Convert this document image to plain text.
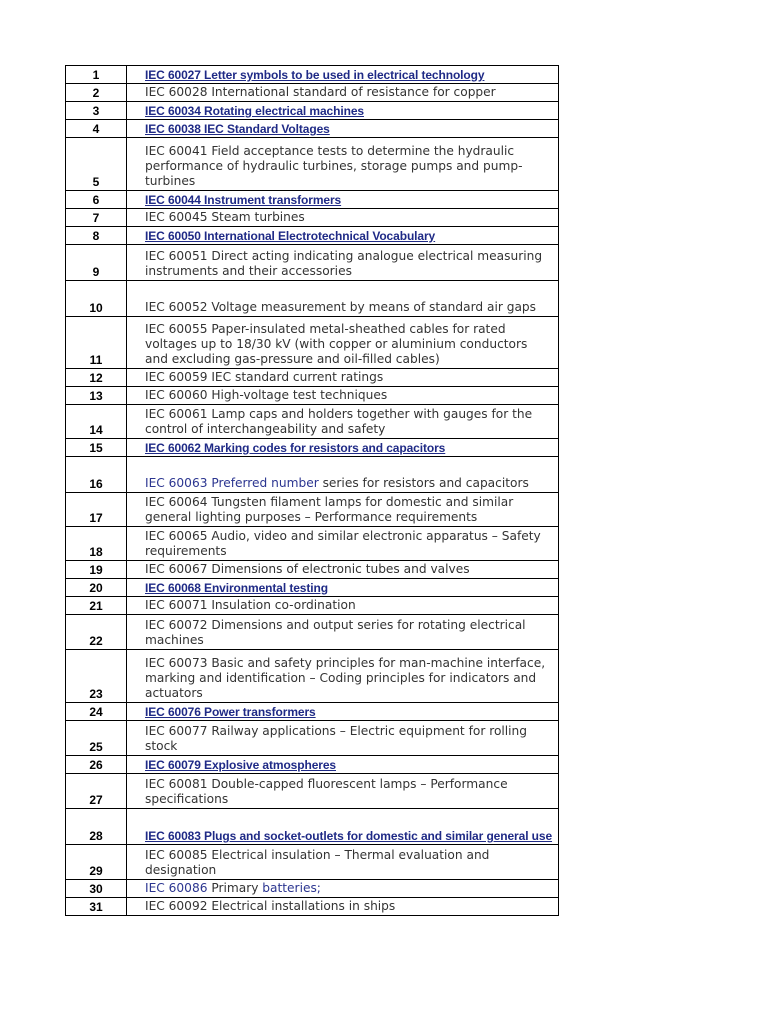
1	IEC 60027 Letter symbols to be used in electrical technology
2	IEC 60028 International standard of resistance for copper
3	IEC 60034 Rotating electrical machines
4	IEC 60038 IEC Standard Voltages
5	IEC 60041 Field acceptance tests to determine the hydraulic
performance of hydraulic turbines, storage pumps and pump-
turbines
6	IEC 60044 Instrument transformers
7	IEC 60045 Steam turbines
8	IEC 60050 International Electrotechnical Vocabulary
9	IEC 60051 Direct acting indicating analogue electrical measuring
instruments and their accessories
10	IEC 60052 Voltage measurement by means of standard air gaps
11	IEC 60055 Paper-insulated metal-sheathed cables for rated
voltages up to 18/30 kV (with copper or aluminium conductors
and excluding gas-pressure and oil-filled cables)
12	IEC 60059 IEC standard current ratings
13	IEC 60060 High-voltage test techniques
14	IEC 60061 Lamp caps and holders together with gauges for the
control of interchangeability and safety
15	IEC 60062 Marking codes for resistors and capacitors
16	IEC 60063 Preferred number series for resistors and capacitors
17	IEC 60064 Tungsten filament lamps for domestic and similar
general lighting purposes – Performance requirements
18	IEC 60065 Audio, video and similar electronic apparatus – Safety
requirements
19	IEC 60067 Dimensions of electronic tubes and valves
20	IEC 60068 Environmental testing
21	IEC 60071 Insulation co-ordination
22	IEC 60072 Dimensions and output series for rotating electrical
machines
23	IEC 60073 Basic and safety principles for man-machine interface,
marking and identification – Coding principles for indicators and
actuators
24	IEC 60076 Power transformers
25	IEC 60077 Railway applications – Electric equipment for rolling
stock
26	IEC 60079 Explosive atmospheres
27	IEC 60081 Double-capped fluorescent lamps – Performance
specifications
28	IEC 60083 Plugs and socket-outlets for domestic and similar general use
29	IEC 60085 Electrical insulation – Thermal evaluation and
designation
30	IEC 60086 Primary batteries;
31	IEC 60092 Electrical installations in ships
